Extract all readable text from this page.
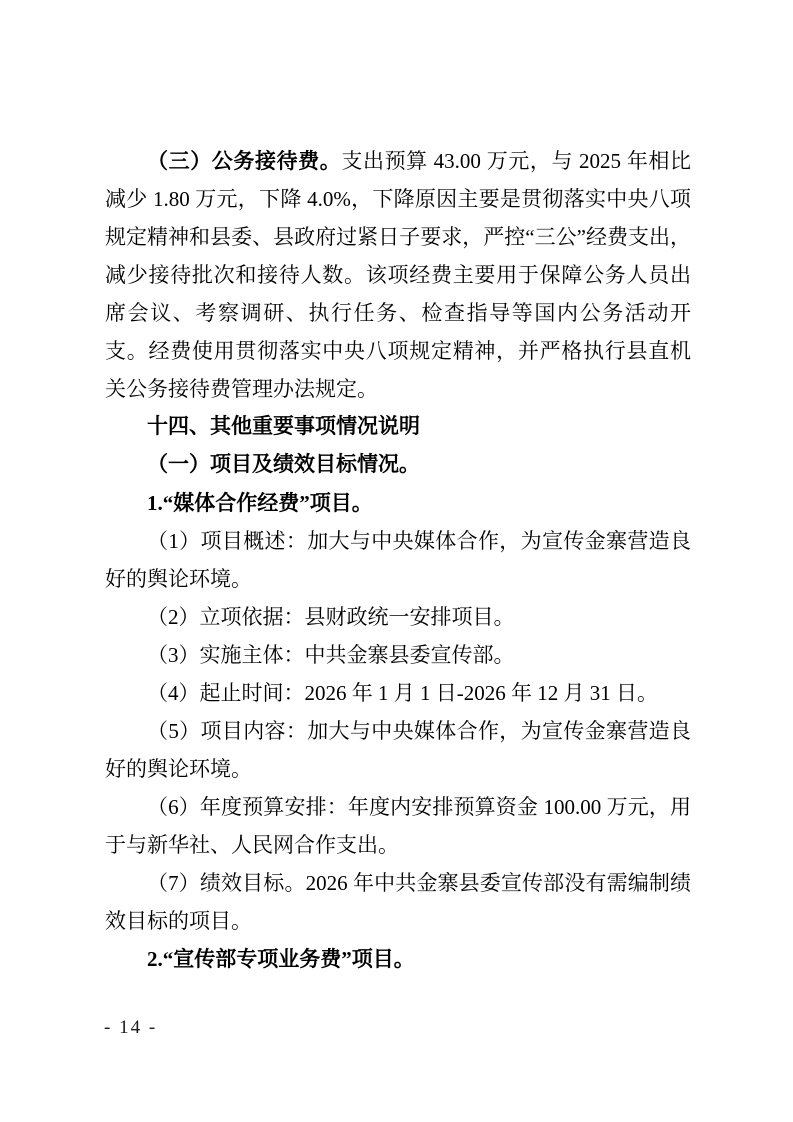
（三）公务接待费。支出预算 43.00 万元，与 2025 年相比减少 1.80 万元，下降 4.0%，下降原因主要是贯彻落实中央八项规定精神和县委、县政府过紧日子要求，严控“三公”经费支出，减少接待批次和接待人数。该项经费主要用于保障公务人员出席会议、考察调研、执行任务、检查指导等国内公务活动开支。经费使用贯彻落实中央八项规定精神，并严格执行县直机关公务接待费管理办法规定。

十四、其他重要事项情况说明

（一）项目及绩效目标情况。

1.“媒体合作经费”项目。

（1）项目概述：加大与中央媒体合作，为宣传金寨营造良好的舆论环境。

（2）立项依据：县财政统一安排项目。

（3）实施主体：中共金寨县委宣传部。

（4）起止时间：2026 年 1 月 1 日-2026 年 12 月 31 日。

（5）项目内容：加大与中央媒体合作，为宣传金寨营造良好的舆论环境。

（6）年度预算安排：年度内安排预算资金 100.00 万元，用于与新华社、人民网合作支出。

（7）绩效目标。2026 年中共金寨县委宣传部没有需编制绩效目标的项目。

2.“宣传部专项业务费”项目。

- 14 -
